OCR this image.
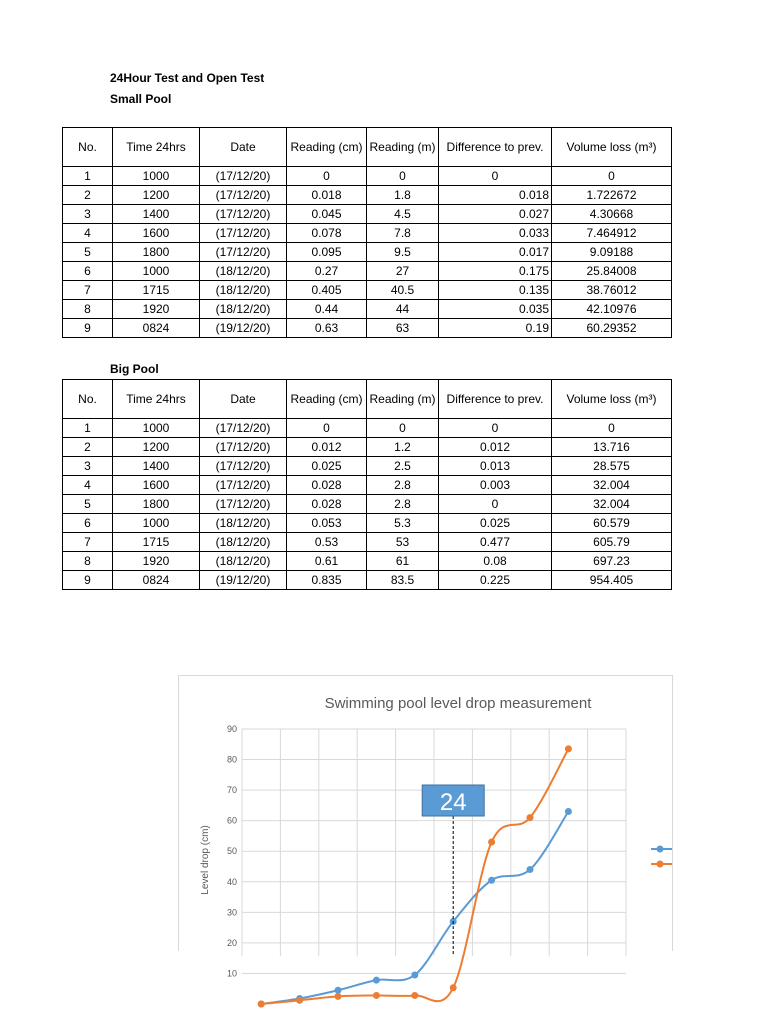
24Hour Test and Open Test
Small Pool
No.	Time 24hrs	Date	Reading (cm)	Reading (m)	Difference to prev.	Volume loss (m³)
1	1000	(17/12/20)	0	0	0	0
2	1200	(17/12/20)	0.018	1.8	0.018	1.722672
3	1400	(17/12/20)	0.045	4.5	0.027	4.30668
4	1600	(17/12/20)	0.078	7.8	0.033	7.464912
5	1800	(17/12/20)	0.095	9.5	0.017	9.09188
6	1000	(18/12/20)	0.27	27	0.175	25.84008
7	1715	(18/12/20)	0.405	40.5	0.135	38.76012
8	1920	(18/12/20)	0.44	44	0.035	42.10976
9	0824	(19/12/20)	0.63	63	0.19	60.29352
Big Pool
No.	Time 24hrs	Date	Reading (cm)	Reading (m)	Difference to prev.	Volume loss (m³)
1	1000	(17/12/20)	0	0	0	0
2	1200	(17/12/20)	0.012	1.2	0.012	13.716
3	1400	(17/12/20)	0.025	2.5	0.013	28.575
4	1600	(17/12/20)	0.028	2.8	0.003	32.004
5	1800	(17/12/20)	0.028	2.8	0	32.004
6	1000	(18/12/20)	0.053	5.3	0.025	60.579
7	1715	(18/12/20)	0.53	53	0.477	605.79
8	1920	(18/12/20)	0.61	61	0.08	697.23
9	0824	(19/12/20)	0.835	83.5	0.225	954.405
Swimming pool level drop measurement
Level drop (cm)
10
20
30
40
50
60
70
80
90
24
